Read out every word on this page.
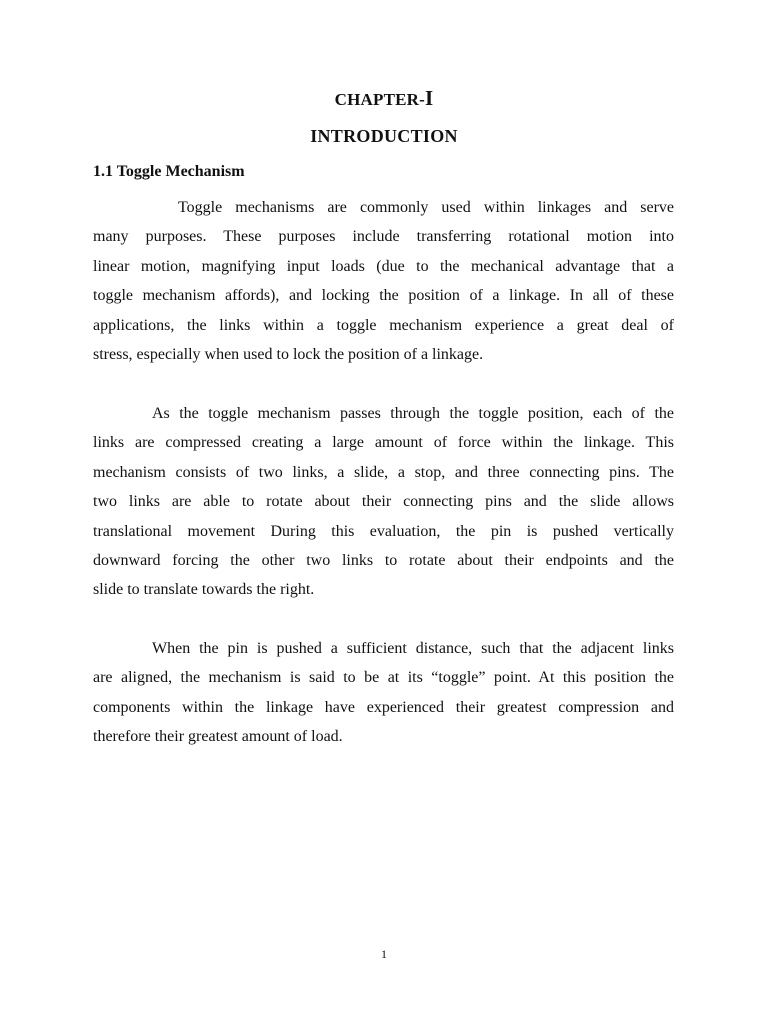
CHAPTER-I
INTRODUCTION
1.1 Toggle Mechanism
Toggle mechanisms are commonly used within linkages and serve
many purposes. These purposes include transferring rotational motion into
linear motion, magnifying input loads (due to the mechanical advantage that a
toggle mechanism affords), and locking the position of a linkage. In all of these
applications, the links within a toggle mechanism experience a great deal of
stress, especially when used to lock the position of a linkage.
As the toggle mechanism passes through the toggle position, each of the
links are compressed creating a large amount of force within the linkage. This
mechanism consists of two links, a slide, a stop, and three connecting pins. The
two links are able to rotate about their connecting pins and the slide allows
translational movement During this evaluation, the pin is pushed vertically
downward forcing the other two links to rotate about their endpoints and the
slide to translate towards the right.
When the pin is pushed a sufficient distance, such that the adjacent links
are aligned, the mechanism is said to be at its “toggle” point. At this position the
components within the linkage have experienced their greatest compression and
therefore their greatest amount of load.
1
